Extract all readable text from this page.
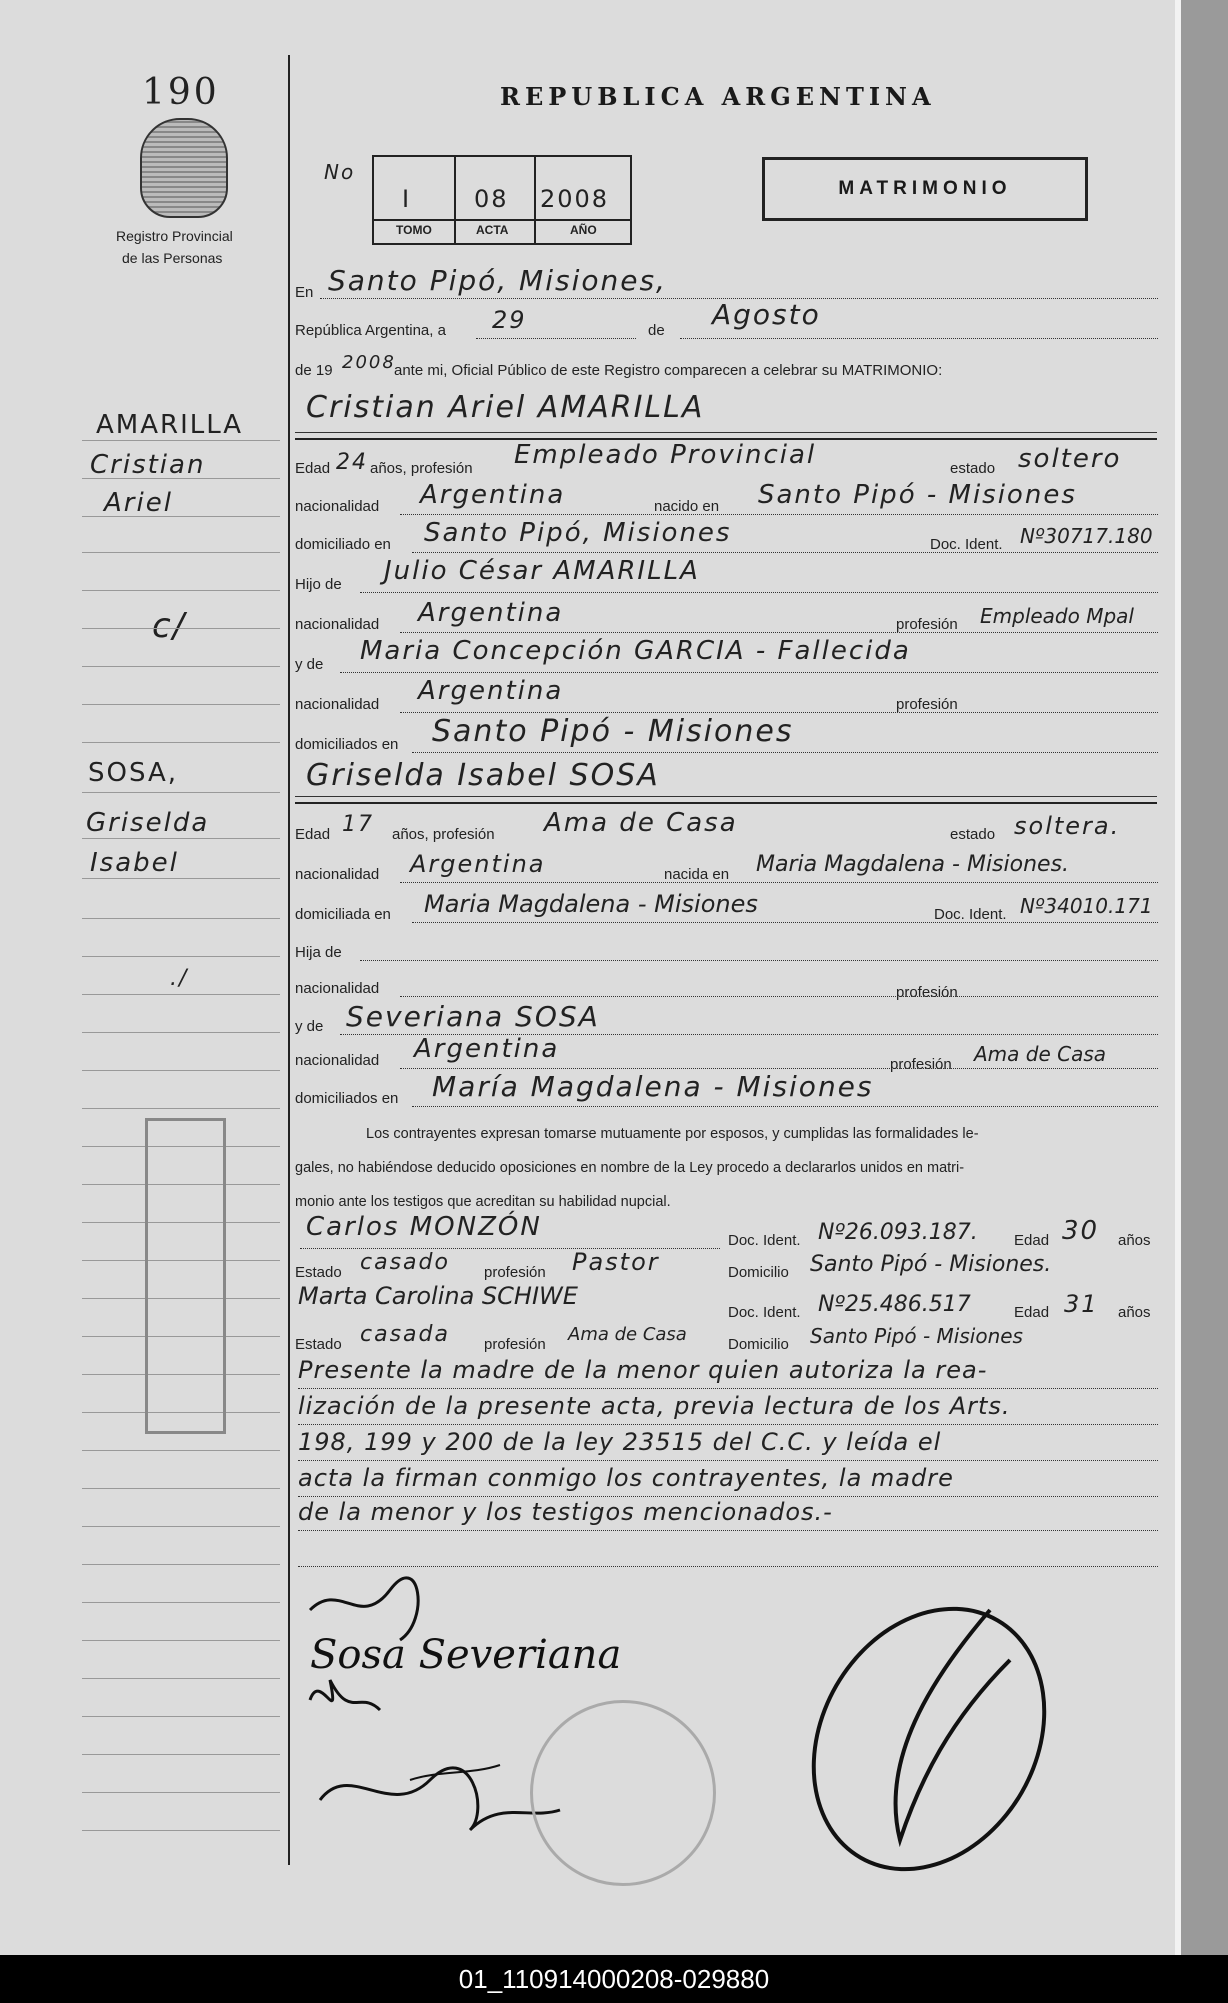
190
Registro Provincial
de las Personas
AMARILLA
Cristian
Ariel
c/
SOSA,
Griselda
Isabel
./
REPUBLICA ARGENTINA
No
I	08 2008
TOMO	ACTA	AÑO
MATRIMONIO
En Santo Pipó, Misiones,
República Argentina, a 29	de Agosto
de 19 2008
ante mi, Oficial Público de este Registro comparecen a celebrar su MATRIMONIO:
Cristian Ariel AMARILLA
Edad 24 años, profesión Empleado Provincial	estado soltero
nacionalidad Argentina	nacido en Santo Pipó - Misiones
domiciliado en Santo Pipó, Misiones	Doc. Ident. Nº30717.180
Hijo de Julio César AMARILLA
nacionalidad Argentina	profesión Empleado Mpal
y de Maria Concepción GARCIA - Fallecida
nacionalidad Argentina	profesión
domiciliados en Santo Pipó - Misiones
Griselda Isabel SOSA
Edad 17 años, profesión Ama de Casa	estado soltera.
nacionalidad Argentina	nacida en Maria Magdalena - Misiones.
domiciliada en Maria Magdalena - Misiones	Doc. Ident. Nº34010.171
Hija de
nacionalidad	profesión
y de Severiana SOSA
nacionalidad Argentina
profesión Ama de Casa
domiciliados en María Magdalena - Misiones
Los contrayentes expresan tomarse mutuamente por esposos, y cumplidas las formalidades le-
gales, no habiéndose deducido oposiciones en nombre de la Ley procedo a declararlos unidos en matri-
monio ante los testigos que acreditan su habilidad nupcial.
Carlos MONZÓN	Doc. Ident. Nº26.093.187. Edad 30 años
Estado casado profesión Pastor	Domicilio Santo Pipó - Misiones.
Marta Carolina SCHIWE
Doc. Ident. Nº25.486.517	Edad 31 años
Estado casada profesión Ama de Casa	Domicilio Santo Pipó - Misiones
Presente la madre de la menor quien autoriza la rea-
lización de la presente acta, previa lectura de los Arts.
198, 199 y 200 de la ley 23515 del C.C. y leída el
acta la firman conmigo los contrayentes, la madre
de la menor y los testigos mencionados.-
Sosa Severiana
01_110914000208-029880
